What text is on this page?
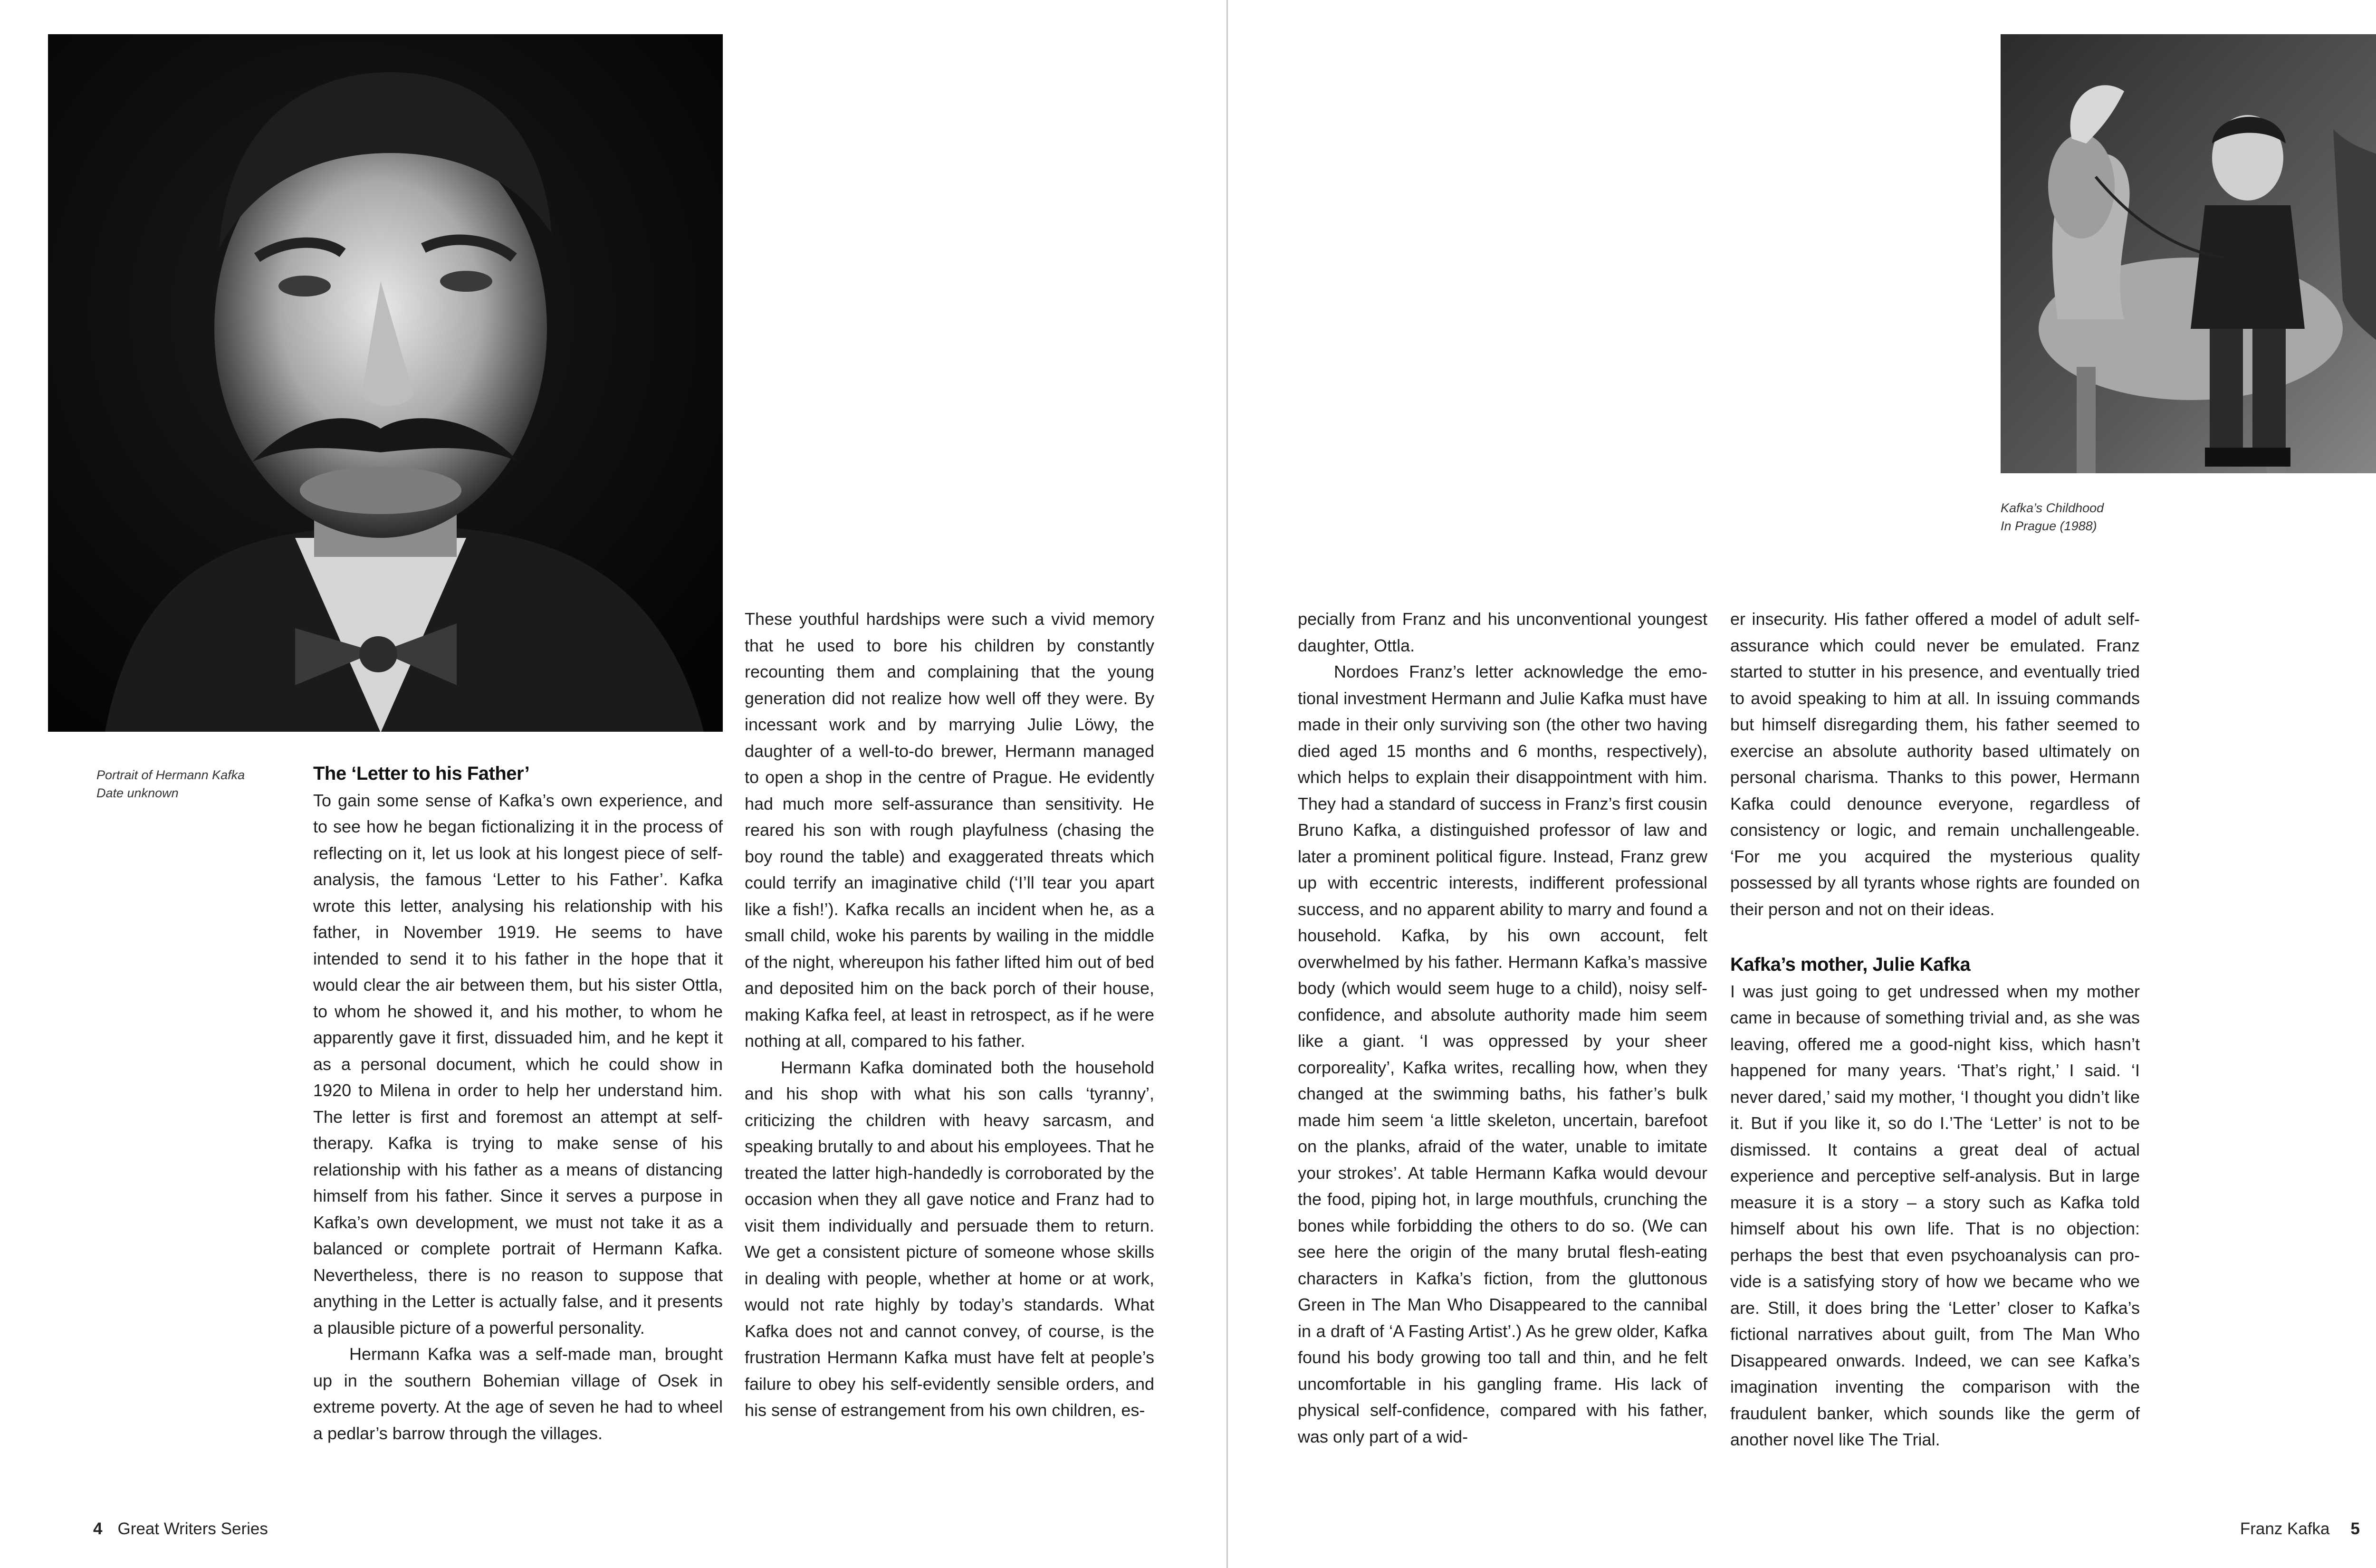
Portrait of Hermann Kafka
Date unknown
The ‘Letter to his Father’

To gain some sense of Kafka’s own experience, and to see how he began fictionalizing it in the process of reflecting on it, let us look at his longest piece of self-analysis, the famous ‘Letter to his Father’. Kafka wrote this letter, analysing his relationship with his father, in November 1919. He seems to have intended to send it to his father in the hope that it would clear the air between them, but his sister Ottla, to whom he showed it, and his mother, to whom he apparently gave it first, dissuaded him, and he kept it as a personal document, which he could show in 1920 to Milena in order to help her understand him. The letter is first and foremost an attempt at self-therapy. Kafka is trying to make sense of his relationship with his father as a means of distancing himself from his father. Since it serves a purpose in Kafka’s own development, we must not take it as a balanced or complete portrait of Hermann Kafka. Nevertheless, there is no reason to suppose that anything in the Letter is actually false, and it presents a plausible picture of a powerful personality.

Hermann Kafka was a self-made man, brought up in the southern Bohemian village of Osek in extreme poverty. At the age of seven he had to wheel a pedlar’s barrow through the villages.

These youthful hardships were such a vivid memory that he used to bore his children by constantly recounting them and complaining that the young generation did not realize how well off they were. By incessant work and by marrying Julie Löwy, the daughter of a well-to-do brewer, Hermann managed to open a shop in the centre of Prague. He evidently had much more self-assurance than sensitivity. He reared his son with rough playfulness (chasing the boy round the table) and exaggerated threats which could terrify an imaginative child (‘I’ll tear you apart like a fish!’). Kafka recalls an incident when he, as a small child, woke his parents by wailing in the middle of the night, whereupon his father lifted him out of bed and deposited him on the back porch of their house, making Kafka feel, at least in retrospect, as if he were nothing at all, compared to his father.

Hermann Kafka dominated both the household and his shop with what his son calls ‘tyranny’, criticizing the children with heavy sarcasm, and speaking brutally to and about his employees. That he treated the latter high-handedly is corroborated by the occasion when they all gave notice and Franz had to visit them individually and persuade them to return. We get a consistent picture of someone whose skills in dealing with people, whether at home or at work, would not rate highly by today’s standards. What Kafka does not and cannot convey, of course, is the frustration Hermann Kafka must have felt at people’s failure to obey his self-evidently sensible orders, and his sense of estrangement from his own children, es-

4 Great Writers Series
Kafka’s Childhood
In Prague (1988)

pecially from Franz and his unconventional youngest daughter, Ottla.

Nordoes Franz’s letter acknowledge the emotional investment Hermann and Julie Kafka must have made in their only surviving son (the other two having died aged 15 months and 6 months, respectively), which helps to explain their disappointment with him. They had a standard of success in Franz’s first cousin Bruno Kafka, a distinguished professor of law and later a prominent political figure. Instead, Franz grew up with eccentric interests, indifferent professional success, and no apparent ability to marry and found a household. Kafka, by his own account, felt overwhelmed by his father. Hermann Kafka’s massive body (which would seem huge to a child), noisy self-confidence, and absolute authority made him seem like a giant. ‘I was oppressed by your sheer corporeality’, Kafka writes, recalling how, when they changed at the swimming baths, his father’s bulk made him seem ‘a little skeleton, uncertain, barefoot on the planks, afraid of the water, unable to imitate your strokes’. At table Hermann Kafka would devour the food, piping hot, in large mouthfuls, crunching the bones while forbidding the others to do so. (We can see here the origin of the many brutal flesh-eating characters in Kafka’s fiction, from the gluttonous Green in The Man Who Disappeared to the cannibal in a draft of ‘A Fasting Artist’.) As he grew older, Kafka found his body growing too tall and thin, and he felt uncomfortable in his gangling frame. His lack of physical self-confidence, compared with his father, was only part of a wid-

er insecurity. His father offered a model of adult self-assurance which could never be emulated. Franz started to stutter in his presence, and eventually tried to avoid speaking to him at all. In issuing commands but himself disregarding them, his father seemed to exercise an absolute authority based ultimately on personal charisma. Thanks to this power, Hermann Kafka could denounce everyone, regardless of consistency or logic, and remain unchallengeable. ‘For me you acquired the mysterious quality possessed by all tyrants whose rights are founded on their person and not on their ideas.

Kafka’s mother, Julie Kafka

I was just going to get undressed when my mother came in because of something trivial and, as she was leaving, offered me a good-night kiss, which hasn’t happened for many years. ‘That’s right,’ I said. ‘I never dared,’ said my mother, ‘I thought you didn’t like it. But if you like it, so do I.’The ‘Letter’ is not to be dismissed. It contains a great deal of actual experience and perceptive self-analysis. But in large measure it is a story – a story such as Kafka told himself about his own life. That is no objection: perhaps the best that even psychoanalysis can provide is a satisfying story of how we became who we are. Still, it does bring the ‘Letter’ closer to Kafka’s fictional narratives about guilt, from The Man Who Disappeared onwards. Indeed, we can see Kafka’s imagination inventing the comparison with the fraudulent banker, which sounds like the germ of another novel like The Trial.

Franz Kafka 5
